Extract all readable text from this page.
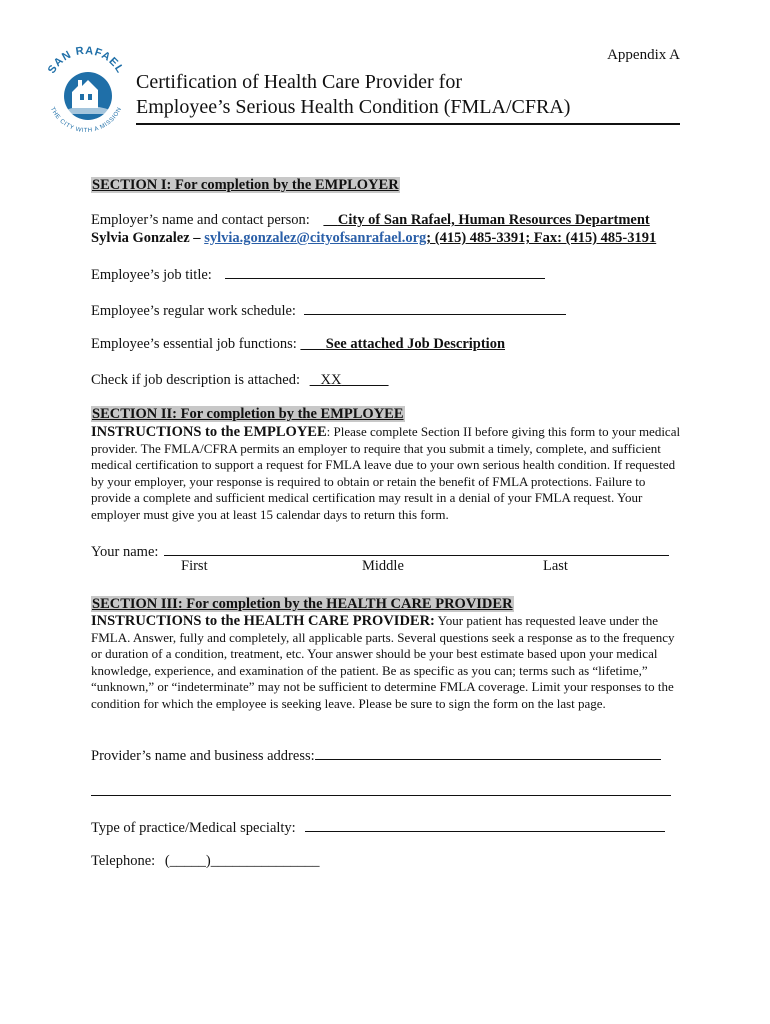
SAN RAFAEL
THE CITY WITH A MISSION
Appendix A
Certification of Health Care Provider for
Employee’s Serious Health Condition (FMLA/CFRA)
SECTION I: For completion by the EMPLOYER
Employer’s name and contact person: City of San Rafael, Human Resources Department
Sylvia Gonzalez – sylvia.gonzalez@cityofsanrafael.org; (415) 485-3391; Fax: (415) 485-3191
Employee’s job title:
Employee’s regular work schedule:
Employee’s essential job functions: See attached Job Description
Check if job description is attached: XX
SECTION II: For completion by the EMPLOYEE
INSTRUCTIONS to the EMPLOYEE: Please complete Section II before giving this form to your medical provider. The FMLA/CFRA permits an employer to require that you submit a timely, complete, and sufficient medical certification to support a request for FMLA leave due to your own serious health condition. If requested by your employer, your response is required to obtain or retain the benefit of FMLA protections. Failure to provide a complete and sufficient medical certification may result in a denial of your FMLA request. Your employer must give you at least 15 calendar days to return this form.
Your name:
First	Middle	Last
SECTION III: For completion by the HEALTH CARE PROVIDER
INSTRUCTIONS to the HEALTH CARE PROVIDER: Your patient has requested leave under the FMLA. Answer, fully and completely, all applicable parts. Several questions seek a response as to the frequency or duration of a condition, treatment, etc. Your answer should be your best estimate based upon your medical knowledge, experience, and examination of the patient. Be as specific as you can; terms such as “lifetime,” “unknown,” or “indeterminate” may not be sufficient to determine FMLA coverage. Limit your responses to the condition for which the employee is seeking leave. Please be sure to sign the form on the last page.
Provider’s name and business address:
Type of practice/Medical specialty:
Telephone: (_____)_______________
